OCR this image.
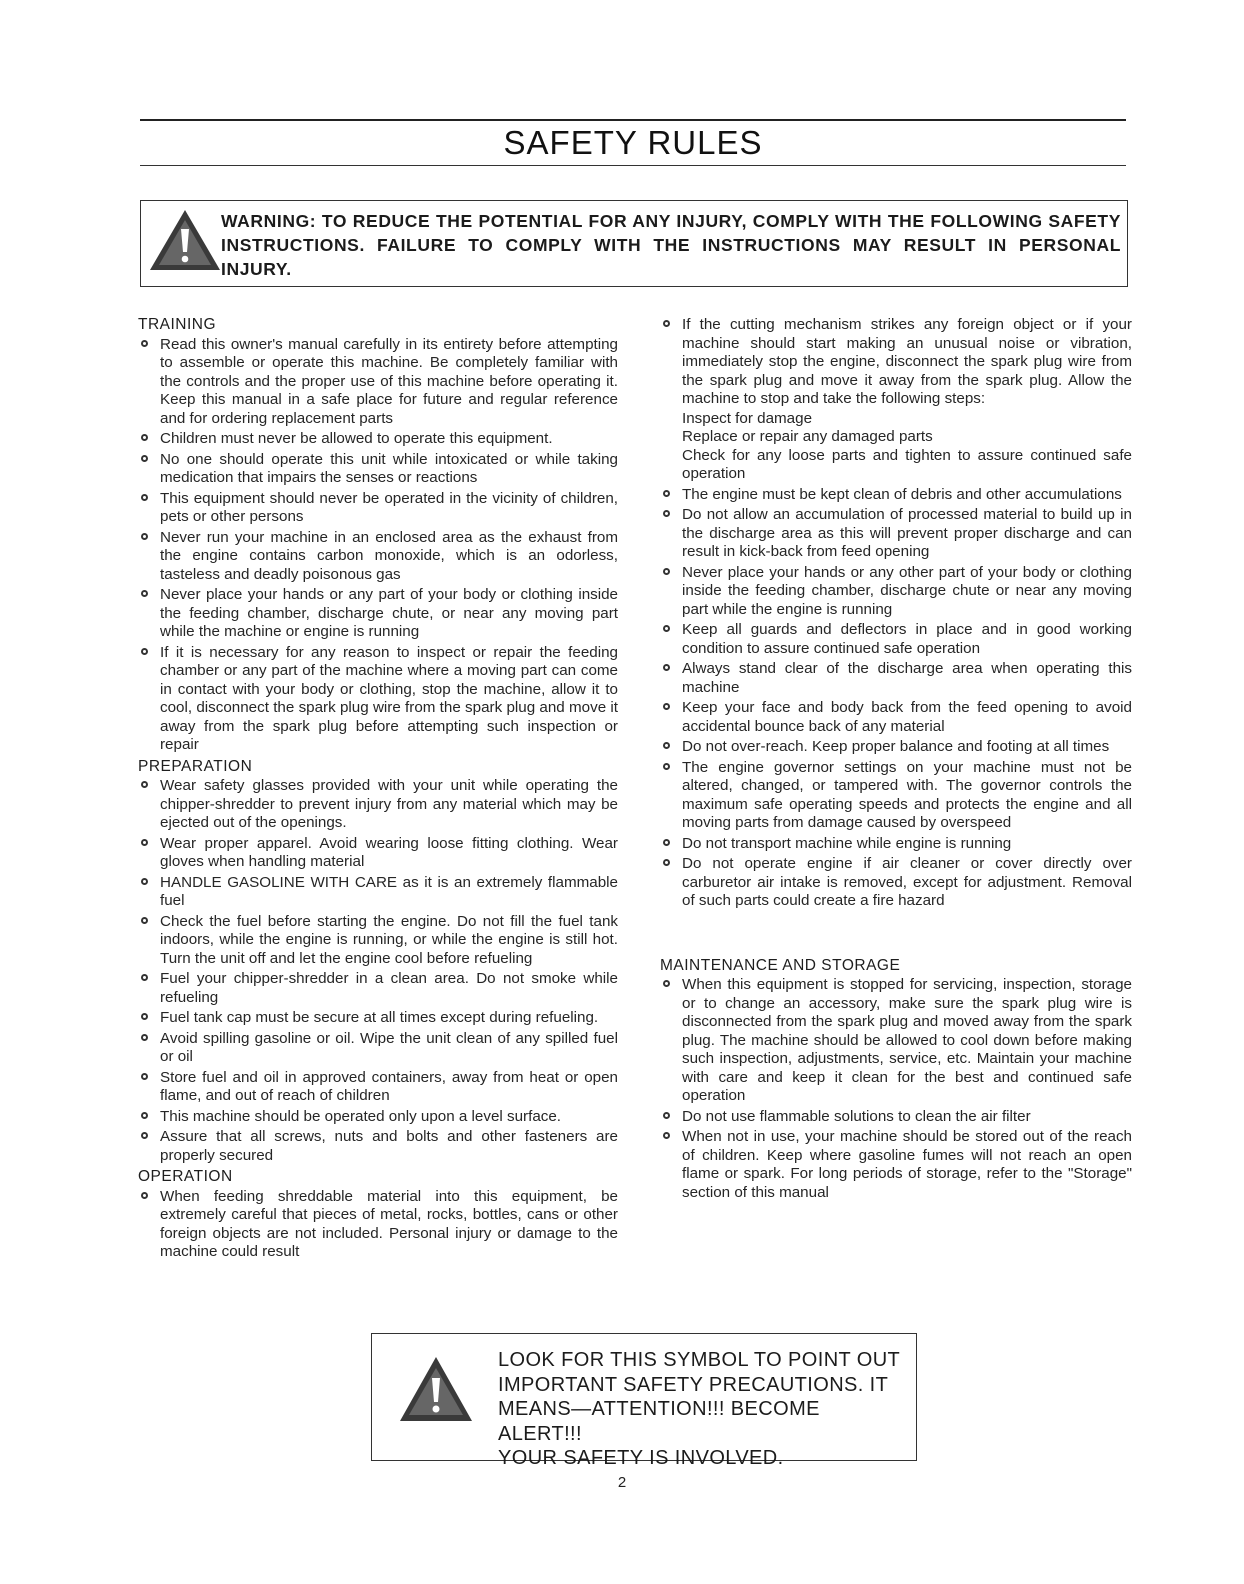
SAFETY RULES
WARNING: TO REDUCE THE POTENTIAL FOR ANY INJURY, COMPLY WITH THE FOLLOWING SAFETY INSTRUCTIONS. FAILURE TO COMPLY WITH THE INSTRUCTIONS MAY RESULT IN PERSONAL INJURY.
TRAINING
Read this owner's manual carefully in its entirety before attempting to assemble or operate this machine. Be completely familiar with the controls and the proper use of this machine before operating it. Keep this manual in a safe place for future and regular reference and for ordering replacement parts
Children must never be allowed to operate this equipment.
No one should operate this unit while intoxicated or while taking medication that impairs the senses or reactions
This equipment should never be operated in the vicinity of children, pets or other persons
Never run your machine in an enclosed area as the exhaust from the engine contains carbon monoxide, which is an odorless, tasteless and deadly poisonous gas
Never place your hands or any part of your body or clothing inside the feeding chamber, discharge chute, or near any moving part while the machine or engine is running
If it is necessary for any reason to inspect or repair the feeding chamber or any part of the machine where a moving part can come in contact with your body or clothing, stop the machine, allow it to cool, disconnect the spark plug wire from the spark plug and move it away from the spark plug before attempting such inspection or repair
PREPARATION
Wear safety glasses provided with your unit while operating the chipper-shredder to prevent injury from any material which may be ejected out of the openings.
Wear proper apparel. Avoid wearing loose fitting clothing. Wear gloves when handling material
HANDLE GASOLINE WITH CARE as it is an extremely flammable fuel
Check the fuel before starting the engine. Do not fill the fuel tank indoors, while the engine is running, or while the engine is still hot. Turn the unit off and let the engine cool before refueling
Fuel your chipper-shredder in a clean area. Do not smoke while refueling
Fuel tank cap must be secure at all times except during refueling.
Avoid spilling gasoline or oil. Wipe the unit clean of any spilled fuel or oil
Store fuel and oil in approved containers, away from heat or open flame, and out of reach of children
This machine should be operated only upon a level surface.
Assure that all screws, nuts and bolts and other fasteners are properly secured
OPERATION
When feeding shreddable material into this equipment, be extremely careful that pieces of metal, rocks, bottles, cans or other foreign objects are not included. Personal injury or damage to the machine could result
If the cutting mechanism strikes any foreign object or if your machine should start making an unusual noise or vibration, immediately stop the engine, disconnect the spark plug wire from the spark plug and move it away from the spark plug. Allow the machine to stop and take the following steps:
Inspect for damage
Replace or repair any damaged parts
Check for any loose parts and tighten to assure continued safe operation
The engine must be kept clean of debris and other accumulations
Do not allow an accumulation of processed material to build up in the discharge area as this will prevent proper discharge and can result in kick-back from feed opening
Never place your hands or any other part of your body or clothing inside the feeding chamber, discharge chute or near any moving part while the engine is running
Keep all guards and deflectors in place and in good working condition to assure continued safe operation
Always stand clear of the discharge area when operating this machine
Keep your face and body back from the feed opening to avoid accidental bounce back of any material
Do not over-reach. Keep proper balance and footing at all times
The engine governor settings on your machine must not be altered, changed, or tampered with. The governor controls the maximum safe operating speeds and protects the engine and all moving parts from damage caused by overspeed
Do not transport machine while engine is running
Do not operate engine if air cleaner or cover directly over carburetor air intake is removed, except for adjustment. Removal of such parts could create a fire hazard
MAINTENANCE AND STORAGE
When this equipment is stopped for servicing, inspection, storage or to change an accessory, make sure the spark plug wire is disconnected from the spark plug and moved away from the spark plug. The machine should be allowed to cool down before making such inspection, adjustments, service, etc. Maintain your machine with care and keep it clean for the best and continued safe operation
Do not use flammable solutions to clean the air filter
When not in use, your machine should be stored out of the reach of children. Keep where gasoline fumes will not reach an open flame or spark. For long periods of storage, refer to the "Storage" section of this manual
LOOK FOR THIS SYMBOL TO POINT OUT
IMPORTANT SAFETY PRECAUTIONS. IT
MEANS—ATTENTION!!! BECOME ALERT!!!
YOUR SAFETY IS INVOLVED.
2
